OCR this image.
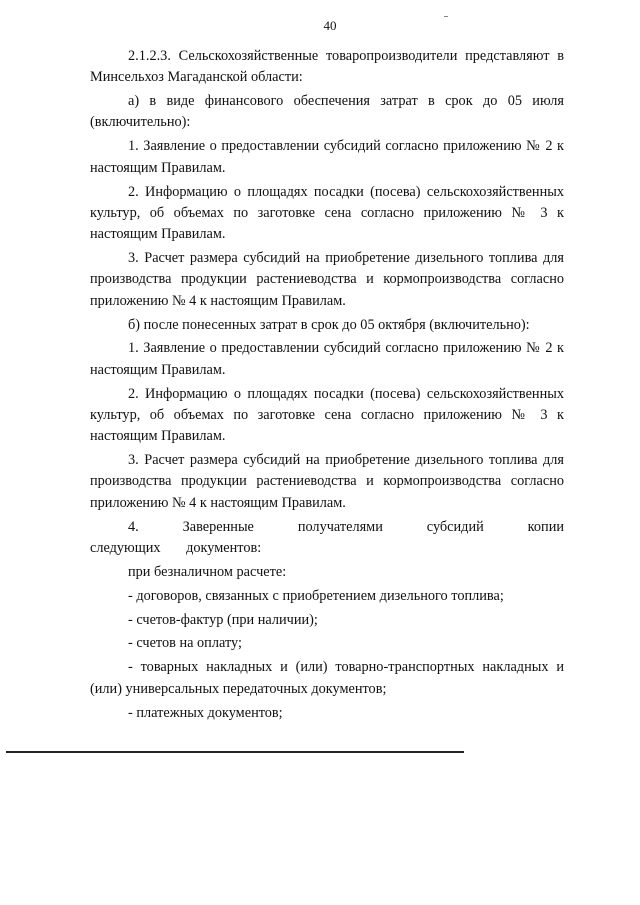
40

2.1.2.3. Сельскохозяйственные товаропроизводители представляют в Минсельхоз Магаданской области:

а) в виде финансового обеспечения затрат в срок до 05 июля (включительно):

1. Заявление о предоставлении субсидий согласно приложению № 2 к настоящим Правилам.

2. Информацию о площадях посадки (посева) сельскохозяйственных культур, об объемах по заготовке сена согласно приложению № 3 к настоящим Правилам.

3. Расчет размера субсидий на приобретение дизельного топлива для производства продукции растениеводства и кормопроизводства согласно приложению № 4 к настоящим Правилам.

б) после понесенных затрат в срок до 05 октября (включительно):

1. Заявление о предоставлении субсидий согласно приложению № 2 к настоящим Правилам.

2. Информацию о площадях посадки (посева) сельскохозяйственных культур, об объемах по заготовке сена согласно приложению № 3 к настоящим Правилам.

3. Расчет размера субсидий на приобретение дизельного топлива для производства продукции растениеводства и кормопроизводства согласно приложению № 4 к настоящим Правилам.

4. Заверенные получателями субсидий копии следующих документов:

при безналичном расчете:

- договоров, связанных с приобретением дизельного топлива;

- счетов-фактур (при наличии);

- счетов на оплату;

- товарных накладных и (или) товарно-транспортных накладных и (или) универсальных передаточных документов;

- платежных документов;
